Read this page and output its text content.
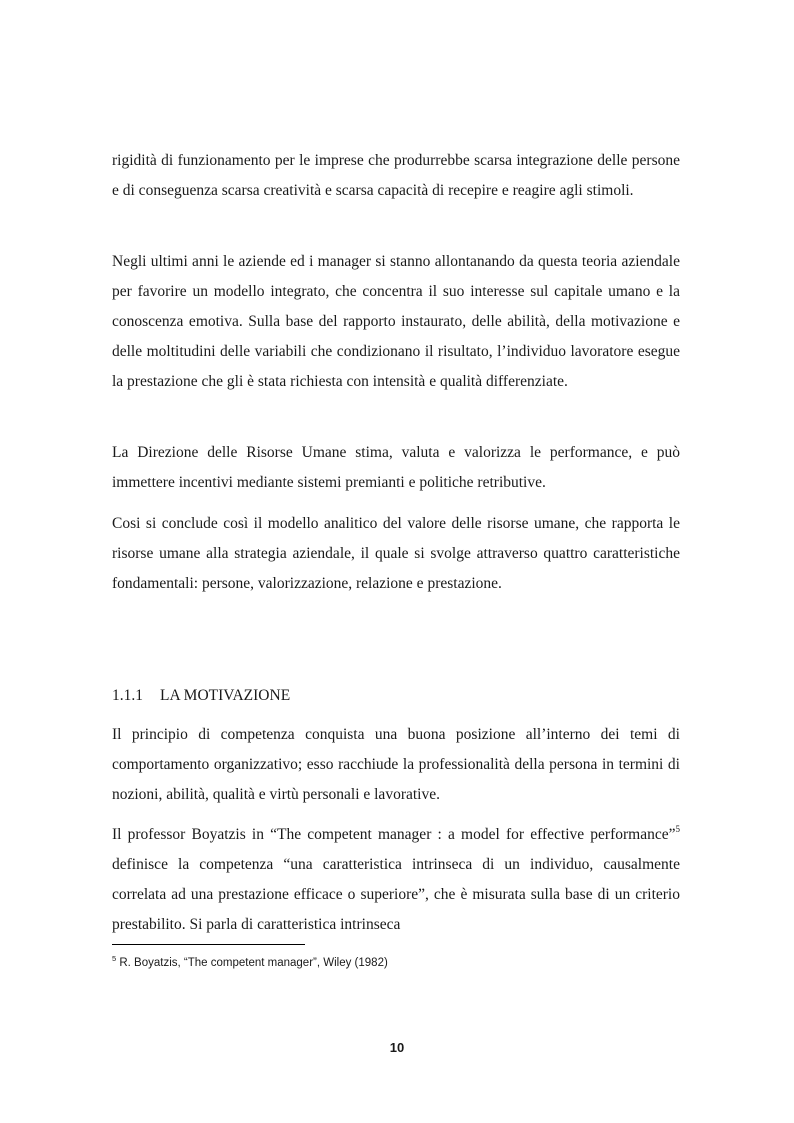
rigidità di funzionamento per le imprese che produrrebbe scarsa integrazione delle persone e di conseguenza scarsa creatività e scarsa capacità di recepire e reagire agli stimoli.

Negli ultimi anni le aziende ed i manager si stanno allontanando da questa teoria aziendale per favorire un modello integrato, che concentra il suo interesse sul capitale umano e la conoscenza emotiva. Sulla base del rapporto instaurato, delle abilità, della motivazione e delle moltitudini delle variabili che condizionano il risultato, l’individuo lavoratore esegue la prestazione che gli è stata richiesta con intensità e qualità differenziate.

La Direzione delle Risorse Umane stima, valuta e valorizza le performance, e può immettere incentivi mediante sistemi premianti e politiche retributive.

Cosi si conclude così il modello analitico del valore delle risorse umane, che rapporta le risorse umane alla strategia aziendale, il quale si svolge attraverso quattro caratteristiche fondamentali: persone, valorizzazione, relazione e prestazione.

1.1.1 LA MOTIVAZIONE

Il principio di competenza conquista una buona posizione all’interno dei temi di comportamento organizzativo; esso racchiude la professionalità della persona in termini di nozioni, abilità, qualità e virtù personali e lavorative.

Il professor Boyatzis in “The competent manager : a model for effective performance”$^5$ definisce la competenza “una caratteristica intrinseca di un individuo, causalmente correlata ad una prestazione efficace o superiore”, che è misurata sulla base di un criterio prestabilito. Si parla di caratteristica intrinseca

$^5$ R. Boyatzis, “The competent manager”, Wiley (1982)

10
